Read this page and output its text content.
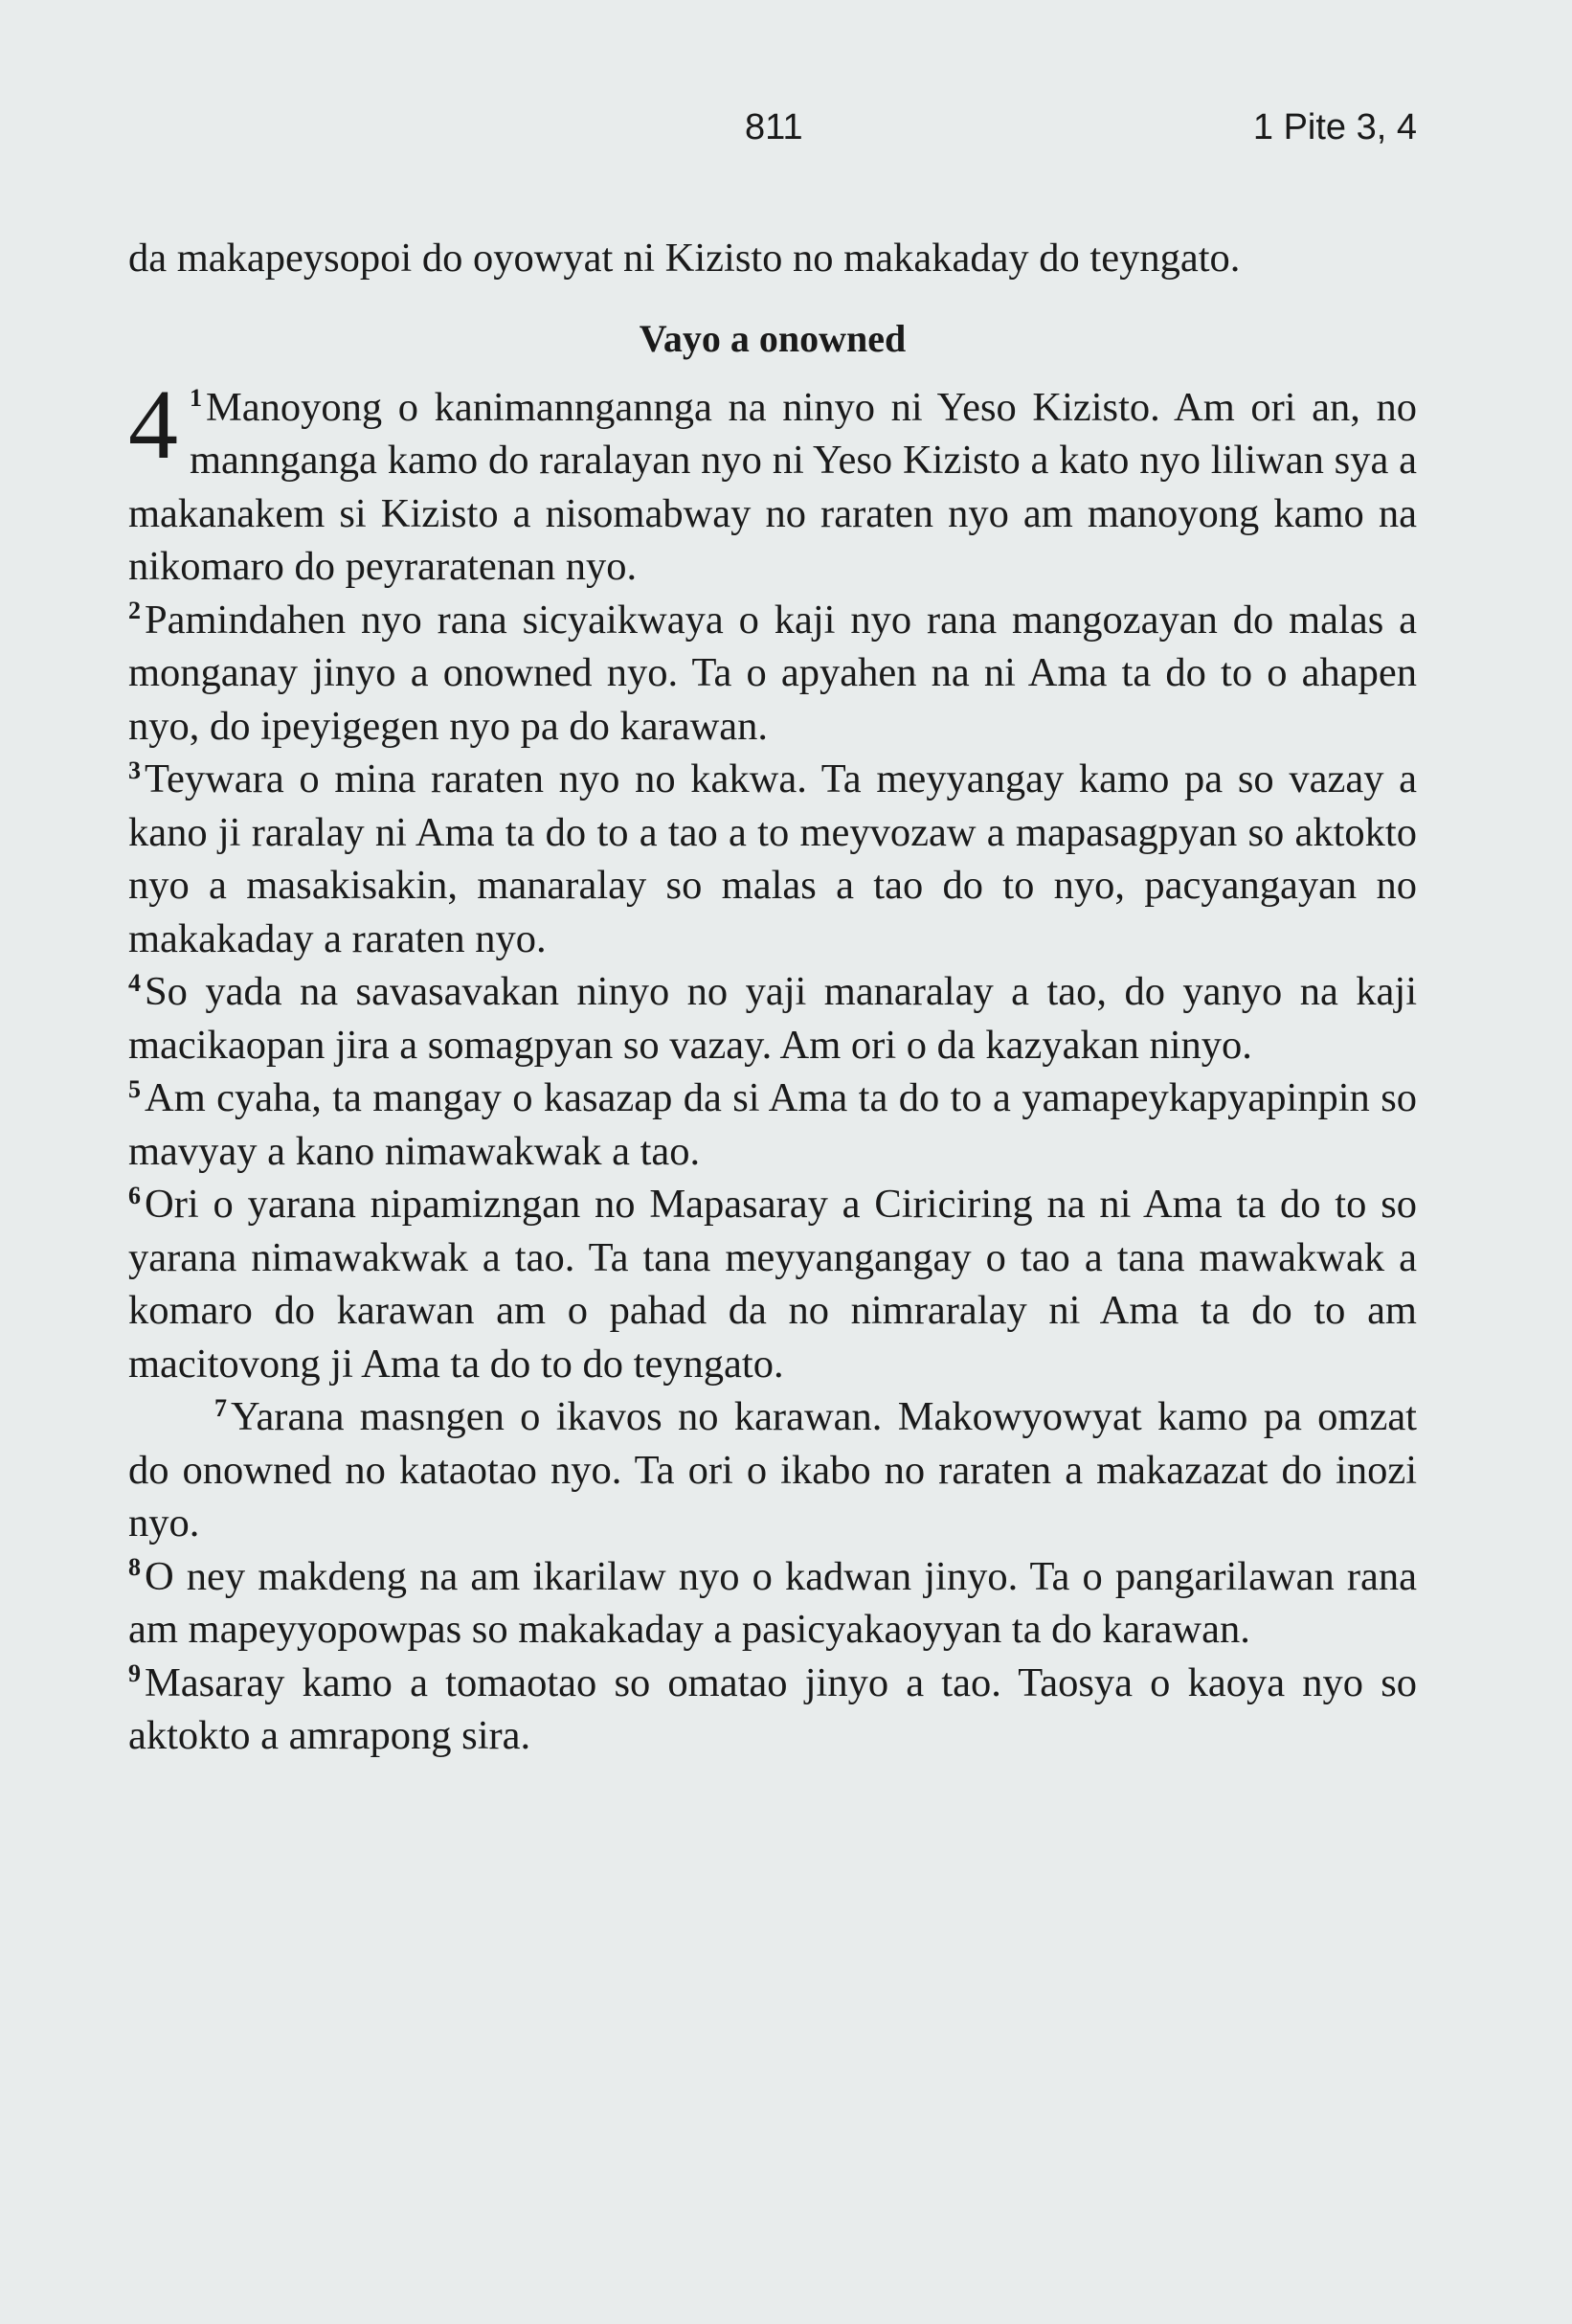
811	1 Pite 3, 4

da makapeysopoi do oyowyat ni Kizisto no makakaday do teyngato.

Vayo a onowned

4 $^1$Manoyong o kanimanngannga na ninyo ni Yeso Kizisto. Am ori an, no mannganga kamo do raralayan nyo ni Yeso Kizisto a kato nyo liliwan sya a makanakem si Kizisto a nisomabway no raraten nyo am manoyong kamo na nikomaro do peyraratenan nyo.

$^2$Pamindahen nyo rana sicyaikwaya o kaji nyo rana mangozayan do malas a monganay jinyo a onowned nyo. Ta o apyahen na ni Ama ta do to o ahapen nyo, do ipeyigegen nyo pa do karawan.

$^3$Teywara o mina raraten nyo no kakwa. Ta meyyangay kamo pa so vazay a kano ji raralay ni Ama ta do to a tao a to meyvozaw a mapasagpyan so aktokto nyo a masakisakin, manaralay so malas a tao do to nyo, pacyangayan no makakaday a raraten nyo.

$^4$So yada na savasavakan ninyo no yaji manaralay a tao, do yanyo na kaji macikaopan jira a somagpyan so vazay. Am ori o da kazyakan ninyo.

$^5$Am cyaha, ta mangay o kasazap da si Ama ta do to a yamapeykapyapinpin so mavyay a kano nimawakwak a tao.

$^6$Ori o yarana nipamizngan no Mapasaray a Ciriciring na ni Ama ta do to so yarana nimawakwak a tao. Ta tana meyyangangay o tao a tana mawakwak a komaro do karawan am o pahad da no nimraralay ni Ama ta do to am macitovong ji Ama ta do to do teyngato.

$^7$Yarana masngen o ikavos no karawan. Makowyowyat kamo pa omzat do onowned no kataotao nyo. Ta ori o ikabo no raraten a makazazat do inozi nyo.

$^8$O ney makdeng na am ikarilaw nyo o kadwan jinyo. Ta o pangarilawan rana am mapeyyopowpas so makakaday a pasicyakaoyyan ta do karawan.

$^9$Masaray kamo a tomaotao so omatao jinyo a tao. Taosya o kaoya nyo so aktokto a amrapong sira.
